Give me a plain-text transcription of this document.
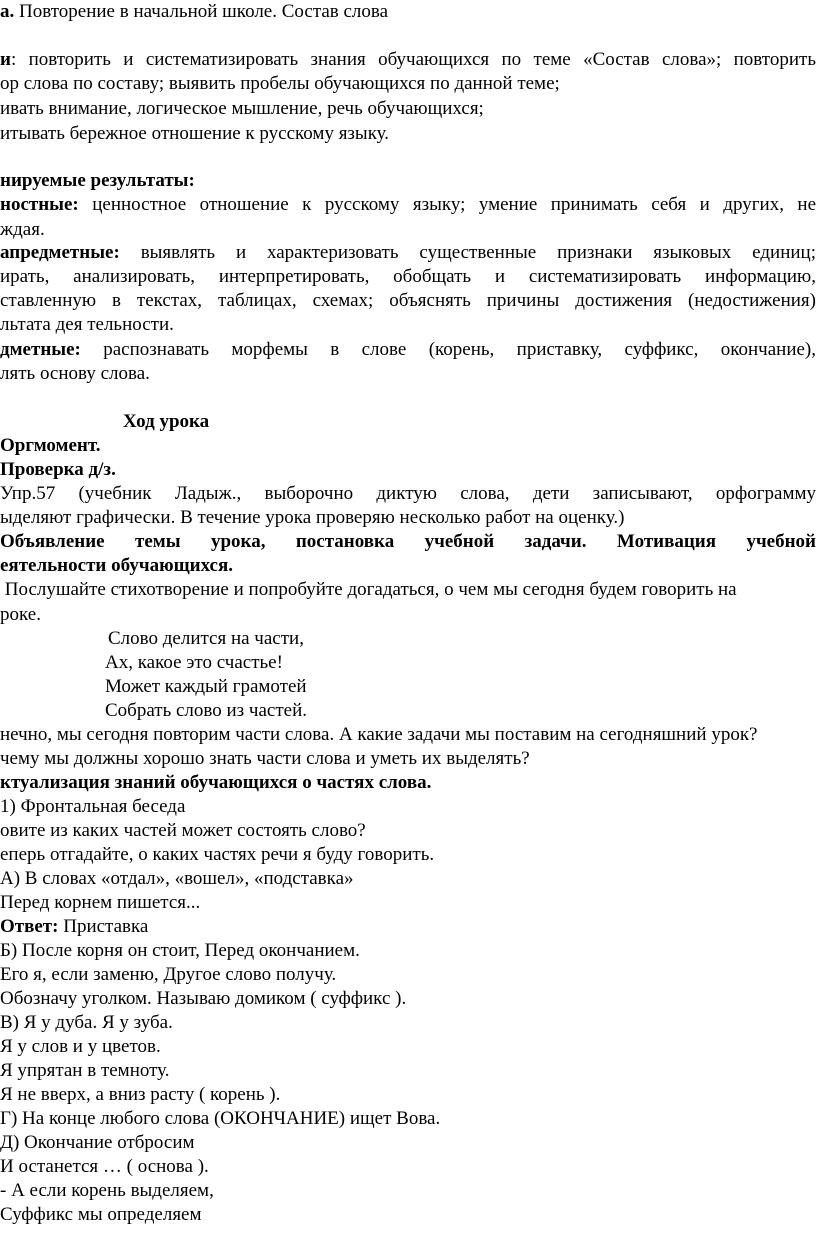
а. Повторение в начальной школе. Состав слова
и: повторить и систематизировать знания обучающихся по теме «Состав слова»; повторить
ор слова по составу; выявить пробелы обучающихся по данной теме;
ивать внимание, логическое мышление, речь обучающихся;
итывать бережное отношение к русскому языку.
нируемые результаты:
ностные: ценностное отношение к русскому языку; умение принимать себя и других, не
ждая.
апредметные: выявлять и характеризовать существенные признаки языковых единиц;
ирать, анализировать, интерпретировать, обобщать и систематизировать информацию,
ставленную в текстах, таблицах, схемах; объяснять причины достижения (недостижения)
льтата дея тельности.
дметные: распознавать морфемы в слове (корень, приставку, суффикс, окончание),
лять основу слова.
Ход урока
Оргмомент.
Проверка д/з.
Упр.57 (учебник Ладыж., выборочно диктую слова, дети записывают, орфограмму
ыделяют графически. В течение урока проверяю несколько работ на оценку.)
Объявление темы урока, постановка учебной задачи. Мотивация учебной
еятельности обучающихся.
Послушайте стихотворение и попробуйте догадаться, о чем мы сегодня будем говорить на
роке.
Слово делится на части,
Ах, какое это счастье!
Может каждый грамотей
Собрать слово из частей.
нечно, мы сегодня повторим части слова. А какие задачи мы поставим на сегодняшний урок?
чему мы должны хорошо знать части слова и уметь их выделять?
ктуализация знаний обучающихся о частях слова.
1) Фронтальная беседа
овите из каких частей может состоять слово?
еперь отгадайте, о каких частях речи я буду говорить.
А) В словах «отдал», «вошел», «подставка»
Перед корнем пишется...
Ответ: Приставка
Б) После корня он стоит, Перед окончанием.
Его я, если заменю, Другое слово получу.
Обозначу уголком. Называю домиком ( суффикс ).
В) Я у дуба. Я у зуба.
Я у слов и у цветов.
Я упрятан в темноту.
Я не вверх, а вниз расту ( корень ).
Г) На конце любого слова (ОКОНЧАНИЕ) ищет Вова.
Д) Окончание отбросим
И останется … ( основа ).
- А если корень выделяем,
Суффикс мы определяем
